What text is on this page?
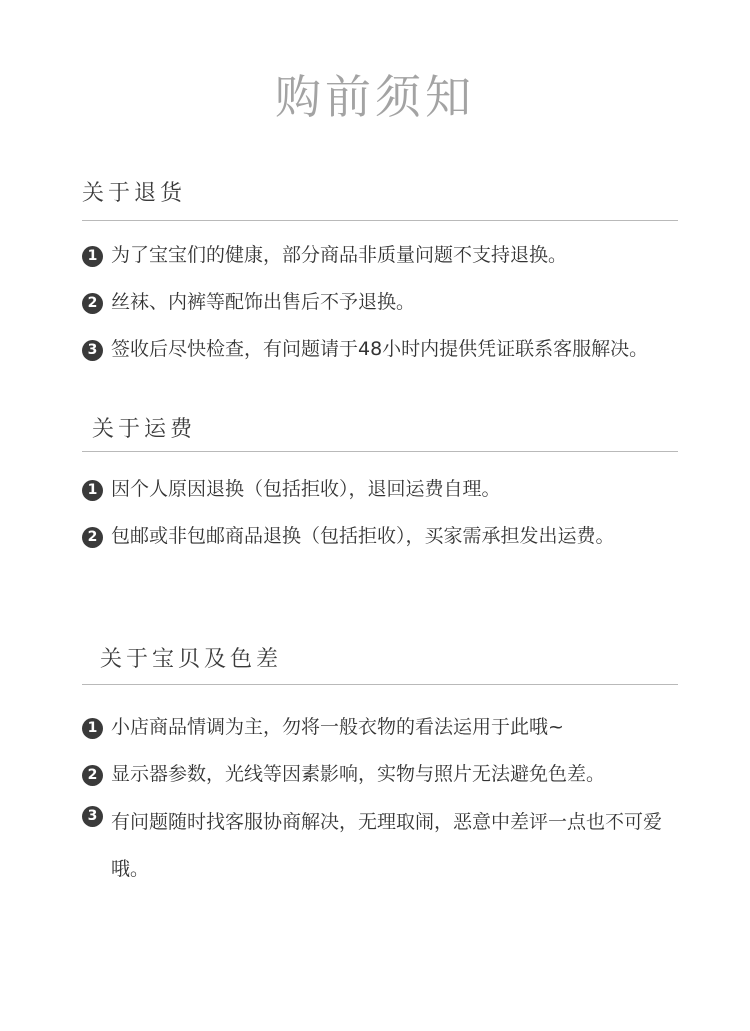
购前须知
关于退货
1 为了宝宝们的健康，部分商品非质量问题不支持退换。
2 丝袜、内裤等配饰出售后不予退换。
3 签收后尽快检查，有问题请于48小时内提供凭证联系客服解决。
关于运费
1 因个人原因退换（包括拒收），退回运费自理。
2 包邮或非包邮商品退换（包括拒收），买家需承担发出运费。
关于宝贝及色差
1 小店商品情调为主，勿将一般衣物的看法运用于此哦~
2 显示器参数，光线等因素影响，实物与照片无法避免色差。
3 有问题随时找客服协商解决，无理取闹，恶意中差评一点也不可爱哦。
